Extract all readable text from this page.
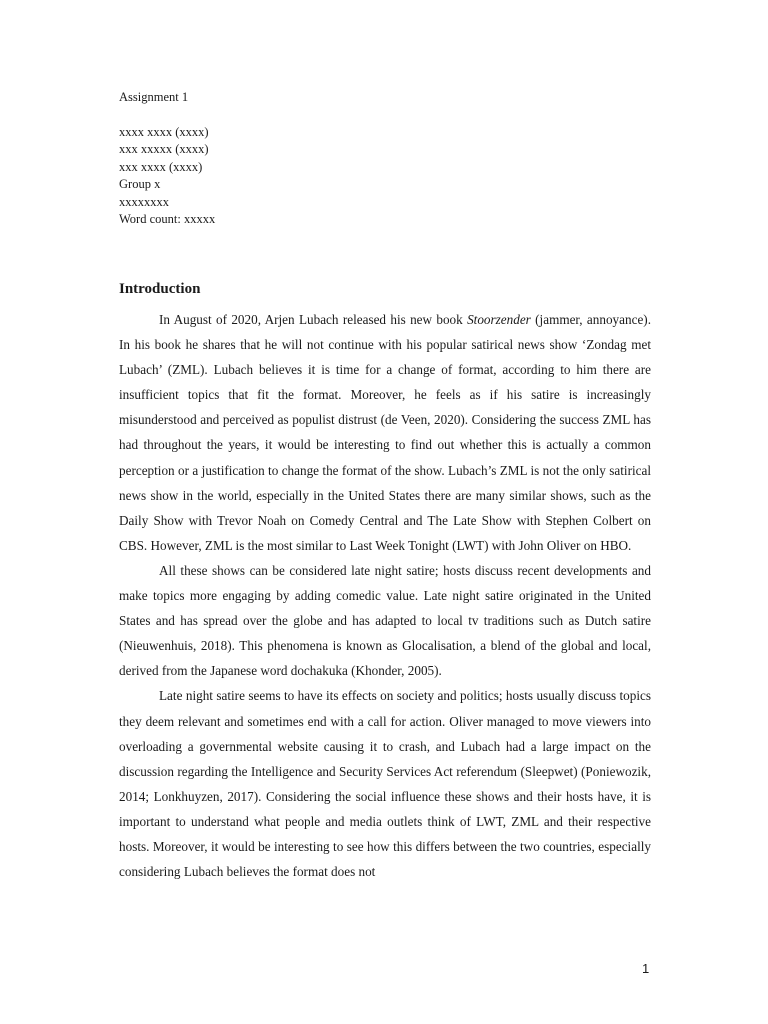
Assignment 1
xxxx xxxx (xxxx)
xxx xxxxx (xxxx)
xxx xxxx (xxxx)
Group x
xxxxxxxx
Word count: xxxxx
Introduction

In August of 2020, Arjen Lubach released his new book Stoorzender (jammer, annoyance). In his book he shares that he will not continue with his popular satirical news show ‘Zondag met Lubach’ (ZML). Lubach believes it is time for a change of format, according to him there are insufficient topics that fit the format. Moreover, he feels as if his satire is increasingly misunderstood and perceived as populist distrust (de Veen, 2020). Considering the success ZML has had throughout the years, it would be interesting to find out whether this is actually a common perception or a justification to change the format of the show. Lubach’s ZML is not the only satirical news show in the world, especially in the United States there are many similar shows, such as the Daily Show with Trevor Noah on Comedy Central and The Late Show with Stephen Colbert on CBS. However, ZML is the most similar to Last Week Tonight (LWT) with John Oliver on HBO.

All these shows can be considered late night satire; hosts discuss recent developments and make topics more engaging by adding comedic value. Late night satire originated in the United States and has spread over the globe and has adapted to local tv traditions such as Dutch satire (Nieuwenhuis, 2018). This phenomena is known as Glocalisation, a blend of the global and local, derived from the Japanese word dochakuka (Khonder, 2005).

Late night satire seems to have its effects on society and politics; hosts usually discuss topics they deem relevant and sometimes end with a call for action. Oliver managed to move viewers into overloading a governmental website causing it to crash, and Lubach had a large impact on the discussion regarding the Intelligence and Security Services Act referendum (Sleepwet) (Poniewozik, 2014; Lonkhuyzen, 2017). Considering the social influence these shows and their hosts have, it is important to understand what people and media outlets think of LWT, ZML and their respective hosts. Moreover, it would be interesting to see how this differs between the two countries, especially considering Lubach believes the format does not

1
